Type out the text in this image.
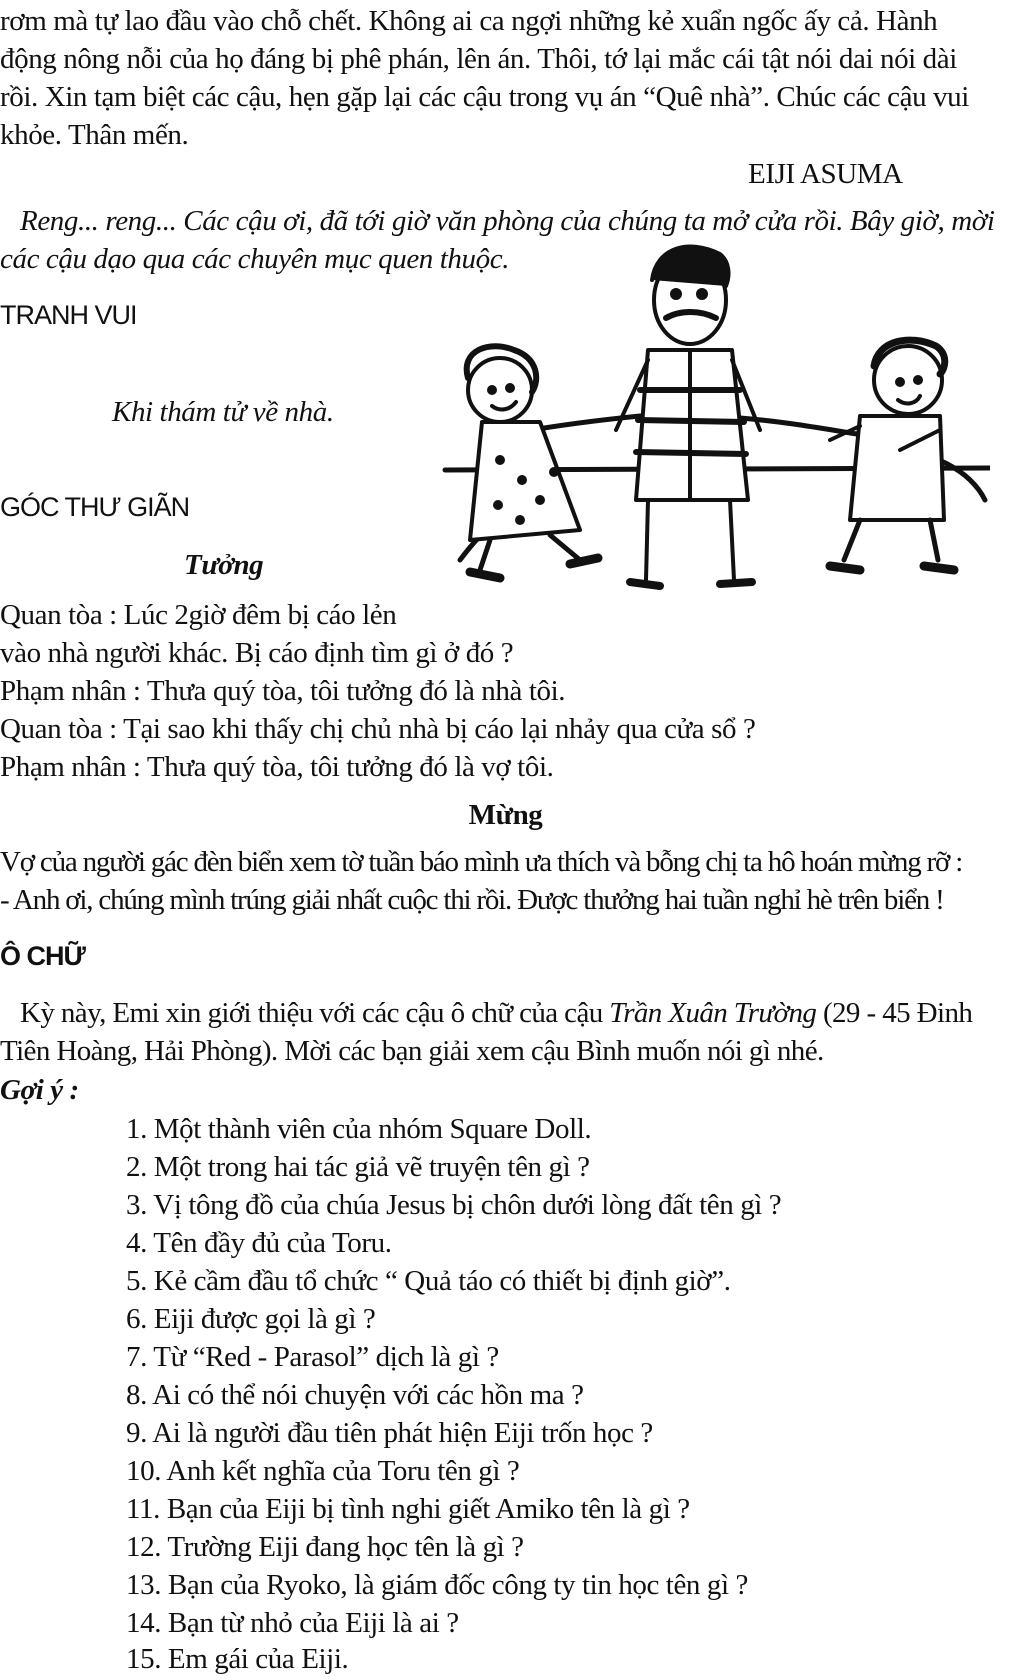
rơm mà tự lao đầu vào chỗ chết. Không ai ca ngợi những kẻ xuẩn ngốc ấy cả. Hành

động nông nỗi của họ đáng bị phê phán, lên án. Thôi, tớ lại mắc cái tật nói dai nói dài

rồi. Xin tạm biệt các cậu, hẹn gặp lại các cậu trong vụ án “Quê nhà”. Chúc các cậu vui

khỏe. Thân mến.

EIJI ASUMA

Reng... reng... Các cậu ơi, đã tới giờ văn phòng của chúng ta mở cửa rồi. Bây giờ, mời

các cậu dạo qua các chuyên mục quen thuộc.

TRANH VUI

Khi thám tử về nhà.

GÓC THƯ GIÃN
Tưởng

Quan tòa : Lúc 2giờ đêm bị cáo lẻn

vào nhà người khác. Bị cáo định tìm gì ở đó ?

Phạm nhân : Thưa quý tòa, tôi tưởng đó là nhà tôi.

Quan tòa : Tại sao khi thấy chị chủ nhà bị cáo lại nhảy qua cửa sổ ?

Phạm nhân : Thưa quý tòa, tôi tưởng đó là vợ tôi.

Mừng

Vợ của người gác đèn biển xem tờ tuần báo mình ưa thích và bỗng chị ta hô hoán mừng rỡ :

- Anh ơi, chúng mình trúng giải nhất cuộc thi rồi. Được thưởng hai tuần nghỉ hè trên biển !

Ô CHỮ

Kỳ này, Emi xin giới thiệu với các cậu ô chữ của cậu Trần Xuân Trường (29 - 45 Đinh

Tiên Hoàng, Hải Phòng). Mời các bạn giải xem cậu Bình muốn nói gì nhé.

Gợi ý :

1. Một thành viên của nhóm Square Doll.

2. Một trong hai tác giả vẽ truyện tên gì ?

3. Vị tông đồ của chúa Jesus bị chôn dưới lòng đất tên gì ?

4. Tên đầy đủ của Toru.

5. Kẻ cầm đầu tổ chức “ Quả táo có thiết bị định giờ”.

6. Eiji được gọi là gì ?

7. Từ “Red - Parasol” dịch là gì ?

8. Ai có thể nói chuyện với các hồn ma ?

9. Ai là người đầu tiên phát hiện Eiji trốn học ?

10. Anh kết nghĩa của Toru tên gì ?

11. Bạn của Eiji bị tình nghi giết Amiko tên là gì ?

12. Trường Eiji đang học tên là gì ?

13. Bạn của Ryoko, là giám đốc công ty tin học tên gì ?

14. Bạn từ nhỏ của Eiji là ai ?

15. Em gái của Eiji.
